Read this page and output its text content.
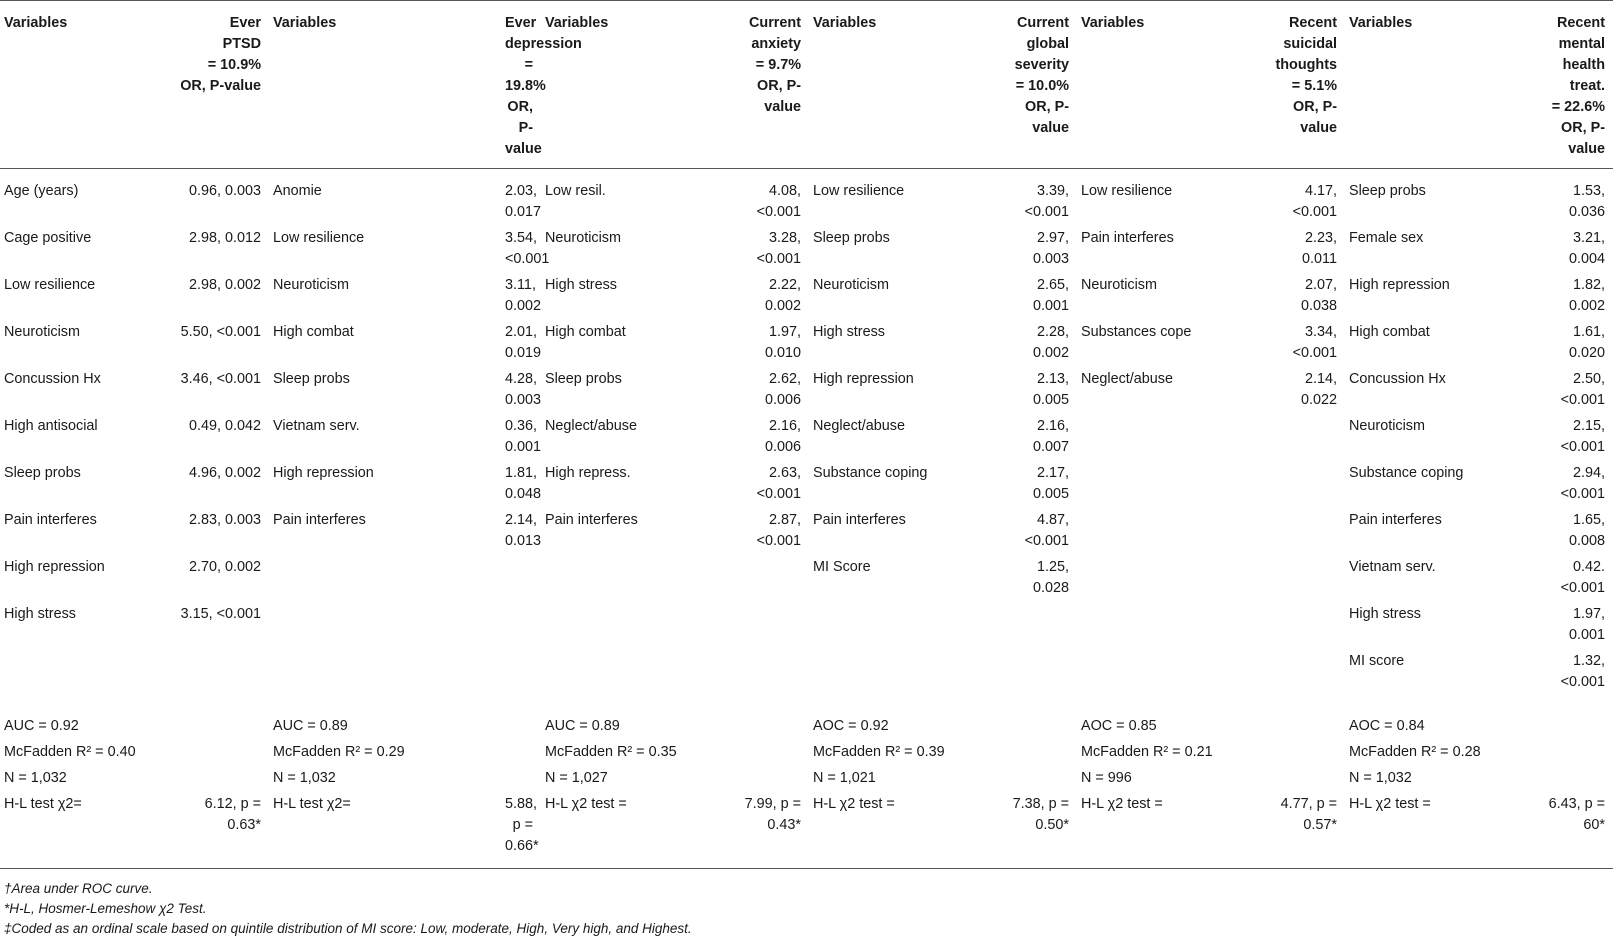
Variables	Ever
PTSD
= 10.9%
OR, P-value	Variables	Ever
depression
= 19.8%
OR, P-value	Variables	Current
anxiety
= 9.7%
OR, P-value	Variables	Current
global
severity
= 10.0%
OR, P-value	Variables	Recent
suicidal
thoughts
= 5.1%
OR, P-value	Variables	Recent
mental
health treat.
= 22.6%
OR, P-value

Age (years)	0.96, 0.003	Anomie	2.03, 0.017	Low resil.	4.08, <0.001	Low resilience	3.39, <0.001	Low resilience	4.17, <0.001	Sleep probs	1.53, 0.036
Cage positive	2.98, 0.012	Low resilience	3.54, <0.001	Neuroticism	3.28, <0.001	Sleep probs	2.97, 0.003	Pain interferes	2.23, 0.011	Female sex	3.21, 0.004
Low resilience	2.98, 0.002	Neuroticism	3.11, 0.002	High stress	2.22, 0.002	Neuroticism	2.65, 0.001	Neuroticism	2.07, 0.038	High repression	1.82, 0.002
Neuroticism	5.50, <0.001	High combat	2.01, 0.019	High combat	1.97, 0.010	High stress	2.28, 0.002	Substances cope	3.34, <0.001	High combat	1.61, 0.020
Concussion Hx	3.46, <0.001	Sleep probs	4.28, 0.003	Sleep probs	2.62, 0.006	High repression	2.13, 0.005	Neglect/abuse	2.14, 0.022	Concussion Hx	2.50, <0.001
High antisocial	0.49, 0.042	Vietnam serv.	0.36, 0.001	Neglect/abuse	2.16, 0.006	Neglect/abuse	2.16, 0.007			Neuroticism	2.15, <0.001
Sleep probs	4.96, 0.002	High repression	1.81, 0.048	High repress.	2.63, <0.001	Substance coping	2.17, 0.005			Substance coping	2.94, <0.001
Pain interferes	2.83, 0.003	Pain interferes	2.14, 0.013	Pain interferes	2.87, <0.001	Pain interferes	4.87, <0.001			Pain interferes	1.65, 0.008
High repression	2.70, 0.002					MI Score	1.25, 0.028			Vietnam serv.	0.42. <0.001
High stress	3.15, <0.001									High stress	1.97, 0.001
										MI score	1.32, <0.001
AUC = 0.92		AUC = 0.89		AUC = 0.89		AOC = 0.92		AOC = 0.85		AOC = 0.84	
McFadden R² = 0.40		McFadden R² = 0.29		McFadden R² = 0.35		McFadden R² = 0.39		McFadden R² = 0.21		McFadden R² = 0.28	
N = 1,032		N = 1,032		N = 1,027		N = 1,021		N = 996		N = 1,032	
H-L test χ2=	6.12, p = 0.63*	H-L test χ2=	5.88, p = 0.66*	H-L χ2 test =	7.99, p = 0.43*	H-L χ2 test =	7.38, p = 0.50*	H-L χ2 test =	4.77, p = 0.57*	H-L χ2 test =	6.43, p = 60*

†Area under ROC curve.

*H-L, Hosmer-Lemeshow χ2 Test.

‡Coded as an ordinal scale based on quintile distribution of MI score: Low, moderate, High, Very high, and Highest.
